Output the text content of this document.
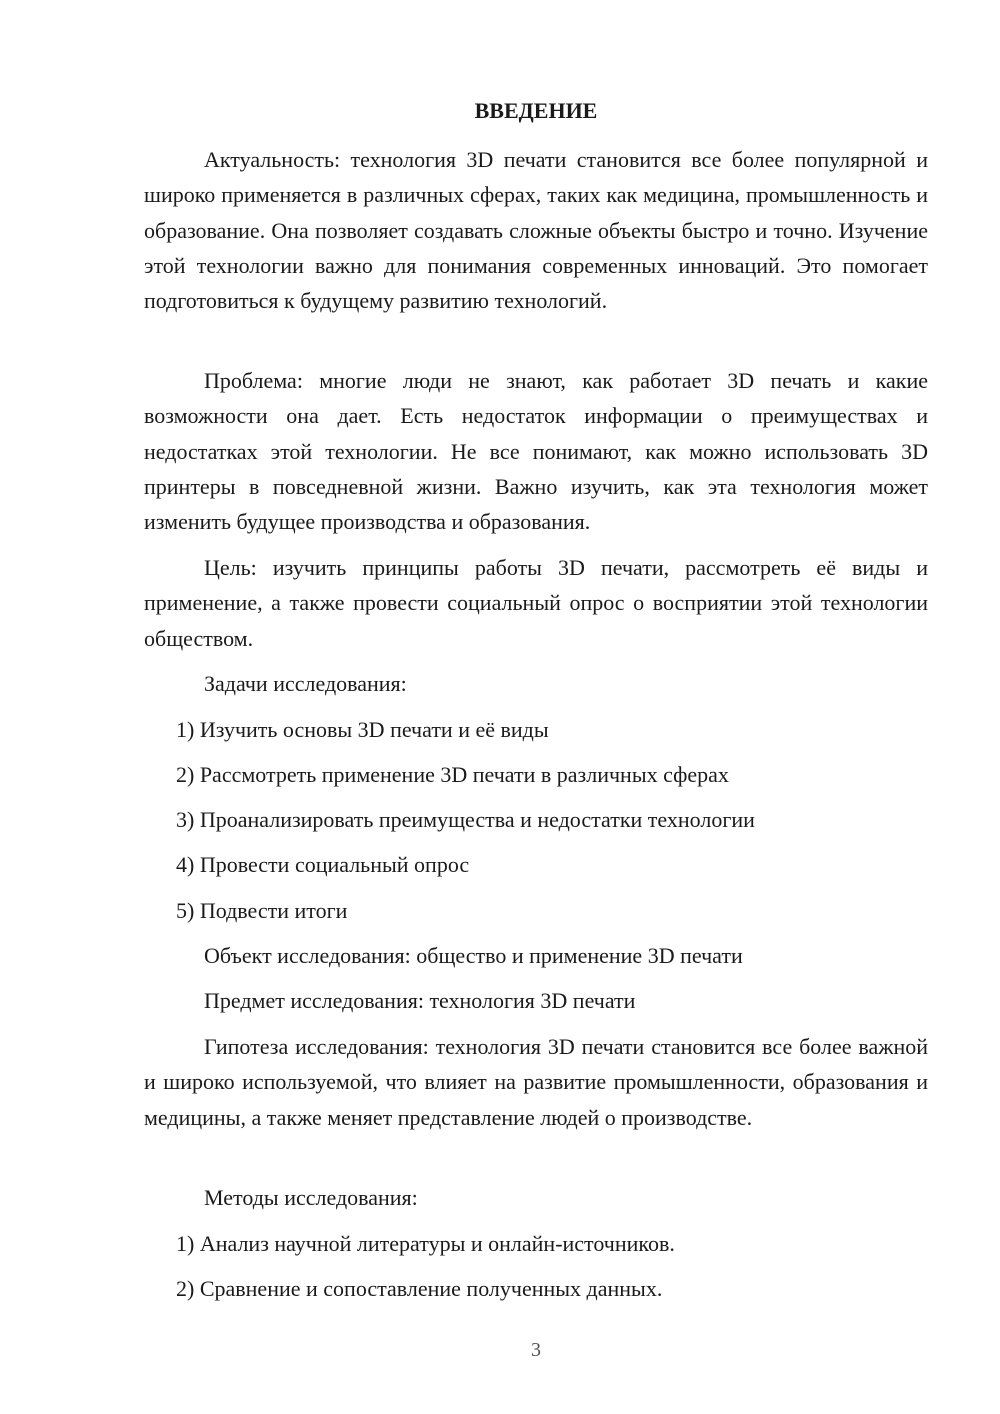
ВВЕДЕНИЕ

Актуальность: технология 3D печати становится все более популярной и широко применяется в различных сферах, таких как медицина, промышленность и образование. Она позволяет создавать сложные объекты быстро и точно. Изучение этой технологии важно для понимания современных инноваций. Это помогает подготовиться к будущему развитию технологий.

Проблема: многие люди не знают, как работает 3D печать и какие возможности она дает. Есть недостаток информации о преимуществах и недостатках этой технологии. Не все понимают, как можно использовать 3D принтеры в повседневной жизни. Важно изучить, как эта технология может изменить будущее производства и образования.

Цель: изучить принципы работы 3D печати, рассмотреть её виды и применение, а также провести социальный опрос о восприятии этой технологии обществом.

Задачи исследования:
1) Изучить основы 3D печати и её виды
2) Рассмотреть применение 3D печати в различных сферах
3) Проанализировать преимущества и недостатки технологии
4) Провести социальный опрос
5) Подвести итоги
Объект исследования: общество и применение 3D печати
Предмет исследования: технология 3D печати

Гипотеза исследования: технология 3D печати становится все более важной и широко используемой, что влияет на развитие промышленности, образования и медицины, а также меняет представление людей о производстве.

Методы исследования:
1) Анализ научной литературы и онлайн-источников.
2) Сравнение и сопоставление полученных данных.
3
